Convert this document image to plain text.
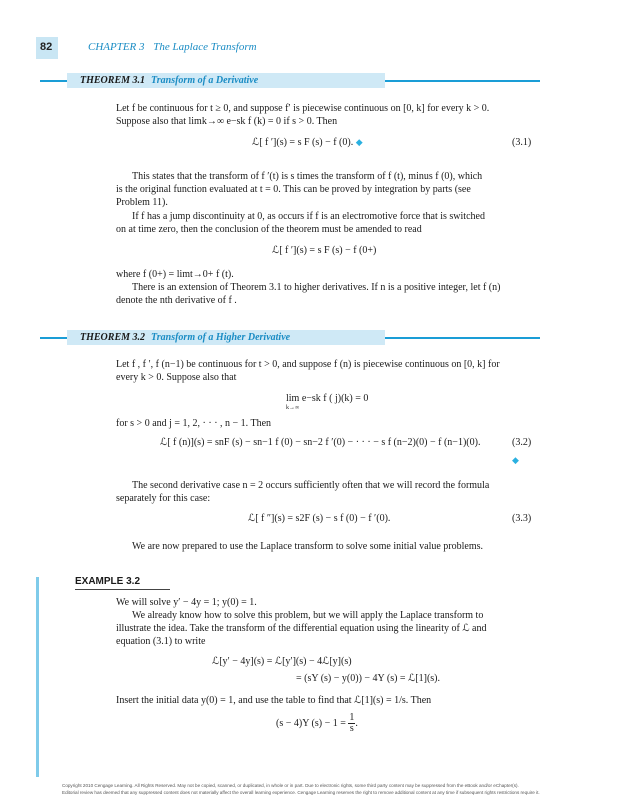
82	CHAPTER 3 The Laplace Transform
THEOREM 3.1 Transform of a Derivative
Let f be continuous for t ≥ 0, and suppose f′ is piecewise continuous on [0, k] for every k > 0.
Suppose also that limk→∞ e−sk f (k) = 0 if s > 0. Then
ℒ[ f ′](s) = s F (s) − f (0). ◆	(3.1)
This states that the transform of f ′(t) is s times the transform of f (t), minus f (0), which
is the original function evaluated at t = 0. This can be proved by integration by parts (see
Problem 11).
If f has a jump discontinuity at 0, as occurs if f is an electromotive force that is switched
on at time zero, then the conclusion of the theorem must be amended to read
ℒ[ f ′](s) = s F (s) − f (0+)
where f (0+) = limt→0+ f (t).
There is an extension of Theorem 3.1 to higher derivatives. If n is a positive integer, let f (n)
denote the nth derivative of f .
THEOREM 3.2 Transform of a Higher Derivative
Let f , f ′, f (n−1) be continuous for t > 0, and suppose f (n) is piecewise continuous on [0, k] for
every k > 0. Suppose also that
lim e−sk f ( j)(k) = 0
k→∞
for s > 0 and j = 1, 2, · · · , n − 1. Then
ℒ[ f (n)](s) = snF (s) − sn−1 f (0) − sn−2 f ′(0) − · · · − s f (n−2)(0) − f (n−1)(0).	(3.2)
◆
The second derivative case n = 2 occurs sufficiently often that we will record the formula
separately for this case:
ℒ[ f ″](s) = s2F (s) − s f (0) − f ′(0).	(3.3)
We are now prepared to use the Laplace transform to solve some initial value problems.
EXAMPLE 3.2
We will solve y′ − 4y = 1; y(0) = 1.
We already know how to solve this problem, but we will apply the Laplace transform to
illustrate the idea. Take the transform of the differential equation using the linearity of ℒ and
equation (3.1) to write
ℒ[y′ − 4y](s) = ℒ[y′](s) − 4ℒ[y](s)
= (sY (s) − y(0)) − 4Y (s) = ℒ[1](s).
Insert the initial data y(0) = 1, and use the table to find that ℒ[1](s) = 1/s. Then
(s − 4)Y $(s) - 1 = \frac{1}{s}$ .
Copyright 2010 Cengage Learning. All Rights Reserved. May not be copied, scanned, or duplicated, in whole or in part. Due to electronic rights, some third party content may be suppressed from the eBook and/or eChapter(s).
Editorial review has deemed that any suppressed content does not materially affect the overall learning experience. Cengage Learning reserves the right to remove additional content at any time if subsequent rights restrictions require it.
